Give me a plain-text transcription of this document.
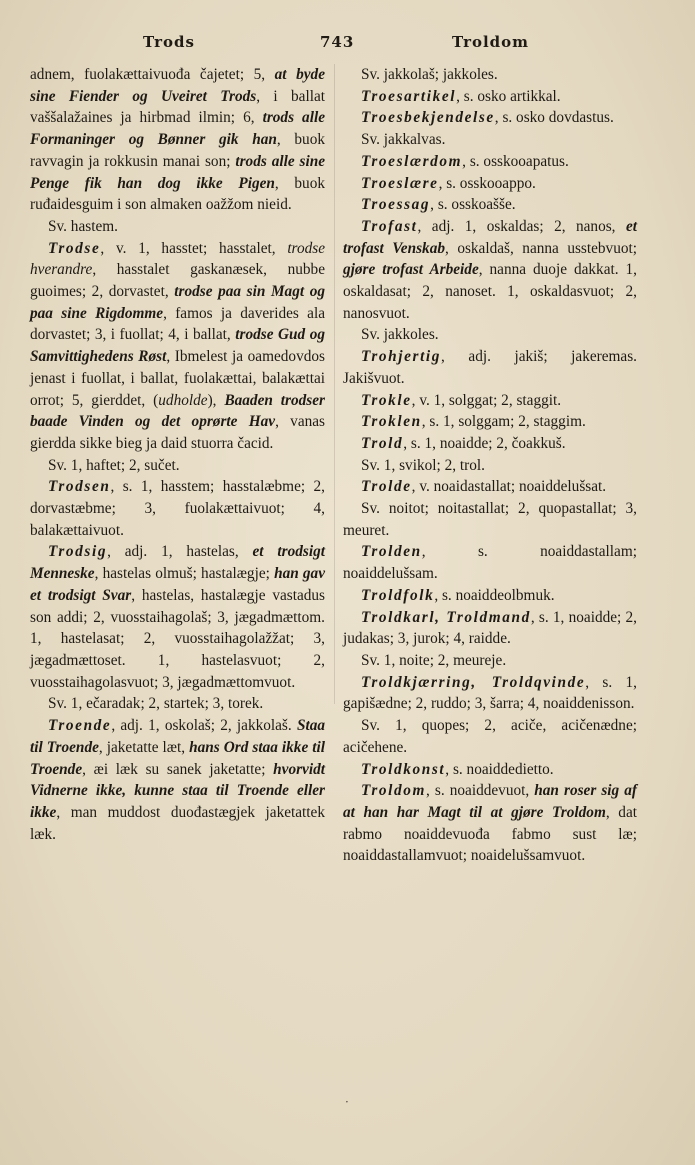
Trods	743	Troldom

adnem, fuolakættaivuođa čajetet; 5, at byde sine Fiender og Uveiret Trods, i ballat vaššalažaines ja hirbmad ilmin; 6, trods alle Formaninger og Bønner gik han, buok ravvagin ja rokkusin manai son; trods alle sine Penge fik han dog ikke Pigen, buok ruđaidesguim i son almaken oažžom nieid.

Sv. hastem.

Trodse, v. 1, hasstet; hasstalet, trodse hverandre, hasstalet gaskanæsek, nubbe guoimes; 2, dorvastet, trodse paa sin Magt og paa sine Rigdomme, famos ja daverides ala dorvastet; 3, i fuollat; 4, i ballat, trodse Gud og Samvittighedens Røst, Ibmelest ja oamedovdos jenast i fuollat, i ballat, fuolakættai, balakættai orrot; 5, gierddet, (udholde), Baaden trodser baade Vinden og det oprørte Hav, vanas gierdda sikke bieg ja daid stuorra čacid.

Sv. 1, haftet; 2, sučet.

Trodsen, s. 1, hasstem; hasstalæbme; 2, dorvastæbme; 3, fuolakættaivuot; 4, balakættaivuot.

Trodsig, adj. 1, hastelas, et trodsigt Menneske, hastelas olmuš; hastalægje; han gav et trodsigt Svar, hastelas, hastalægje vastadus son addi; 2, vuosstaihagolaš; 3, jægadmættom. 1, hastelasat; 2, vuosstaihagolažžat; 3, jægadmættoset. 1, hastelasvuot; 2, vuosstaihagolasvuot; 3, jægadmættomvuot.

Sv. 1, ečaradak; 2, startek; 3, torek.

Troende, adj. 1, oskolaš; 2, jakkolaš. Staa til Troende, jaketatte læt, hans Ord staa ikke til Troende, æi læk su sanek jaketatte; hvorvidt Vidnerne ikke, kunne staa til Troende eller ikke, man muddost duođastægjek jaketattek læk.

Sv. jakkolaš; jakkoles.

Troesartikel, s. osko artikkal.

Troesbekjendelse, s. osko dovdastus.

Sv. jakkalvas.

Troeslærdom, s. osskooapatus.

Troeslære, s. osskooappo.

Troessag, s. osskoašše.

Trofast, adj. 1, oskaldas; 2, nanos, et trofast Venskab, oskaldaš, nanna usstebvuot; gjøre trofast Arbeide, nanna duoje dakkat. 1, oskaldasat; 2, nanoset. 1, oskaldasvuot; 2, nanosvuot.

Sv. jakkoles.

Trohjertig, adj. jakiš; jakeremas. Jakišvuot.

Trokle, v. 1, solggat; 2, staggit.

Troklen, s. 1, solggam; 2, staggim.

Trold, s. 1, noaidde; 2, čoakkuš.

Sv. 1, svikol; 2, trol.

Trolde, v. noaidastallat; noaiddelušsat.

Sv. noitot; noitastallat; 2, quopastallat; 3, meuret.

Trolden, s. noaiddastallam; noaiddelušsam.

Troldfolk, s. noaiddeolbmuk.

Troldkarl, Troldmand, s. 1, noaidde; 2, judakas; 3, jurok; 4, raidde.

Sv. 1, noite; 2, meureje.

Troldkjærring, Troldqvinde, s. 1, gapišædne; 2, ruddo; 3, šarra; 4, noaiddenisson.

Sv. 1, quopes; 2, aciče, acičenædne; acičehene.

Troldkonst, s. noaiddedietto.

Troldom, s. noaiddevuot, han roser sig af at han har Magt til at gjøre Troldom, dat rabmo noaiddevuođa fabmo sust læ; noaiddastallamvuot; noaidelušsamvuot.

·
